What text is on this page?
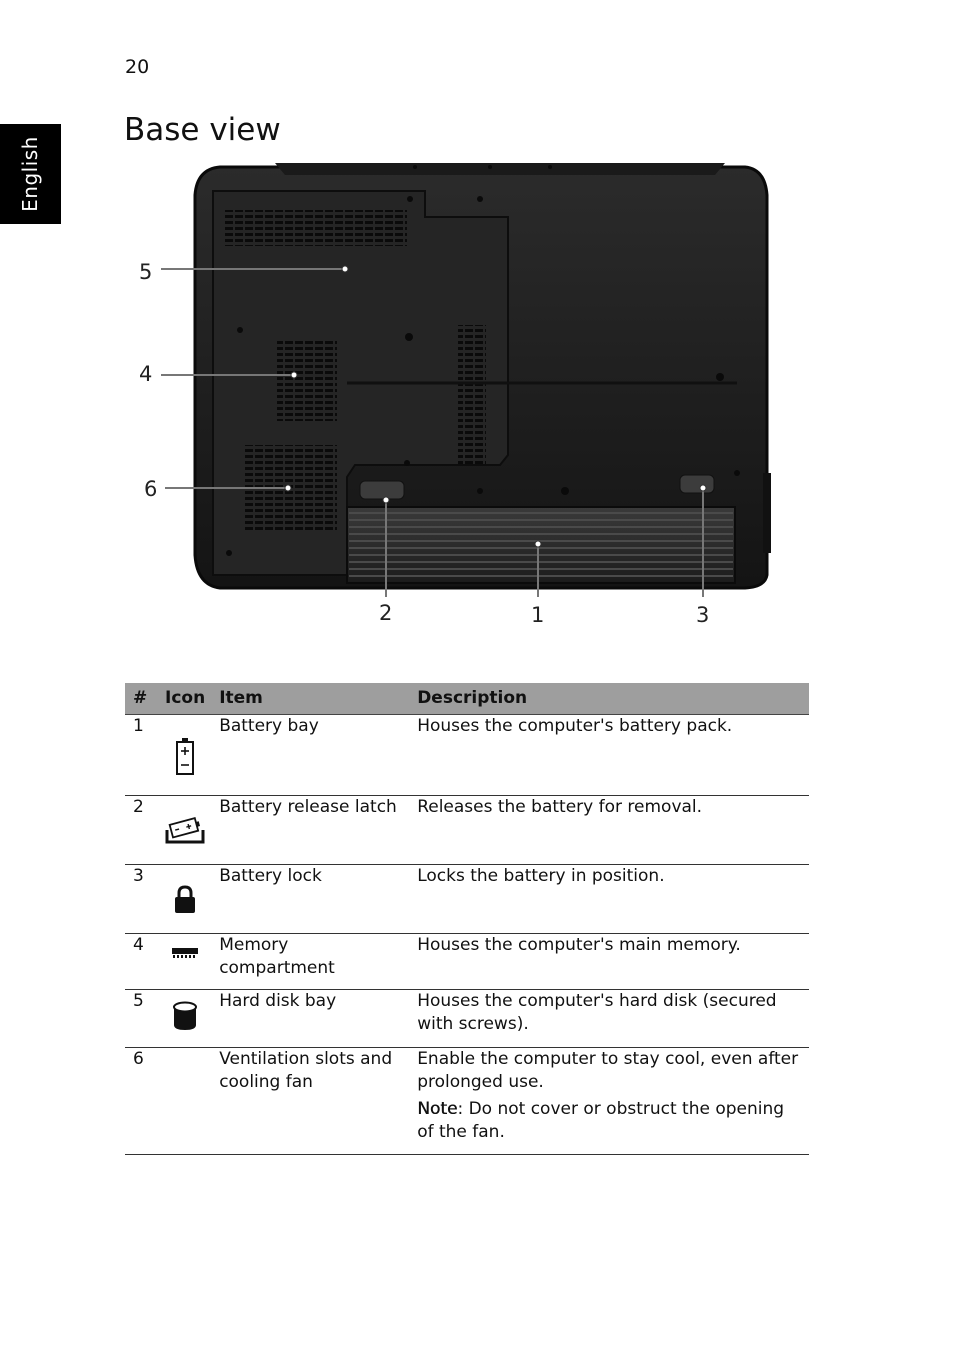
20
English
Base view
5
4
6
2	1	3
#	Icon	Item	Description
1		Battery bay	Houses the computer's battery pack.
2		Battery release latch	Releases the battery for removal.
3		Battery lock	Locks the battery in position.
4		Memory compartment	Houses the computer's main memory.
5		Hard disk bay	Houses the computer's hard disk (secured with screws).
6		Ventilation slots and cooling fan	Enable the computer to stay cool, even after prolonged use.
Note: Do not cover or obstruct the opening of the fan.
